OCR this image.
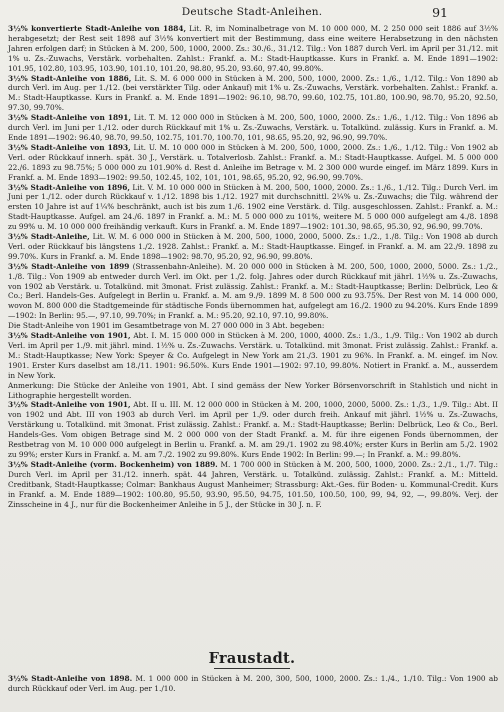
Deutsche Stadt-Anleihen.	91

3½% konvertierte Stadt-Anleihe von 1884, Lit. R, im Nominalbetrage von M. 10 000 000, M. 2 250 000 seit 1886 auf 3½% herabgesetzt; der Rest seit 1898 auf 3½% konvertiert mit der Bestimmung, dass eine weitere Herabsetzung in den nächsten Jahren erfolgen darf; in Stücken à M. 200, 500, 1000, 2000. Zs.: 30./6., 31./12. Tilg.: Von 1887 durch Verl. im April per 31./12. mit 1% u. Zs.-Zuwachs, Verstärk. vorbehalten. Zahlst.: Frankf. a. M.: Stadt-Hauptkasse. Kurs in Frankf. a. M. Ende 1891—1902: 101.95, 102.80, 103.95, 103.90, 101.10, 101.20, 98.80, 95.20, 93.60, 97.40, 99.80%.

3½% Stadt-Anleihe von 1886, Lit. S. M. 6 000 000 in Stücken à M. 200, 500, 1000, 2000. Zs.: 1./6., 1./12. Tilg.: Von 1890 ab durch Verl. im Aug. per 1./12. (bei verstärkter Tilg. oder Ankauf) mit 1% u. Zs.-Zuwachs, Verstärk. vorbehalten. Zahlst.: Frankf. a. M.: Stadt-Hauptkasse. Kurs in Frankf. a. M. Ende 1891—1902: 96.10, 98.70, 99.60, 102.75, 101.80, 100.90, 98.70, 95.20, 92.50, 97.30, 99.70%.

3½% Stadt-Anleihe von 1891, Lit. T. M. 12 000 000 in Stücken à M. 200, 500, 1000, 2000. Zs.: 1./6., 1./12. Tilg.: Von 1896 ab durch Verl. im Juni per 1./12. oder durch Rückkauf mit 1% u. Zs.-Zuwachs, Verstärk. u. Totalkünd. zulässig. Kurs in Frankf. a. M. Ende 1891—1902: 96.40, 98.70, 99.50, 102.75, 101.70, 100.70, 101, 98.65, 95.20, 92, 96.90, 99.70%.

3½% Stadt-Anleihe von 1893, Lit. U. M. 10 000 000 in Stücken à M. 200, 500, 1000, 2000. Zs.: 1./6., 1./12. Tilg.: Von 1902 ab Verl. oder Rückkauf innerh. spät. 30 J., Verstärk. u. Totalverlosb. Zahlst.: Frankf. a. M.: Stadt-Hauptkasse. Aufgel. M. 5 000 000 22./6. 1893 zu 98.75%; 5 000 000 zu 101.90% d. Rest d. Anleihe im Betrage v. M. 2 300 000 wurde eingef. im März 1899. Kurs in Frankf. a. M. Ende 1893—1902: 99.50, 102.45, 102, 101, 101, 98.65, 95.20, 92, 96.90, 99.70%.

3½% Stadt-Anleihe von 1896, Lit. V. M. 10 000 000 in Stücken à M. 200, 500, 1000, 2000. Zs.: 1./6., 1./12. Tilg.: Durch Verl. im Juni per 1./12. oder durch Rückkauf v. 1./12. 1898 bis 1./12. 1927 mit durchschnittl. 2¼% u. Zs.-Zuwachs; die Tilg. während der ersten 10 Jahre ist auf 1¼% beschränkt, auch ist bis zum 1./6. 1902 eine Verstärk. d. Tilg. ausgeschlossen. Zahlst.: Frankf. a. M.: Stadt-Hauptkasse. Aufgel. am 24./6. 1897 in Frankf. a. M.: M. 5 000 000 zu 101%, weitere M. 5 000 000 aufgelegt am 4./8. 1898 zu 99% u. M. 10 000 000 freihändig verkauft. Kurs in Frankf. a. M. Ende 1897—1902: 101.30, 98.65, 95.30, 92, 96.90, 99.70%.

3½% Stadt-Anleihe, Lit. W. M. 6 000 000 in Stücken à M. 200, 500, 1000, 2000, 5000. Zs.: 1./2., 1./8. Tilg.: Von 1908 ab durch Verl. oder Rückkauf bis längstens 1./2. 1928. Zahlst.: Frankf. a. M.: Stadt-Hauptkasse. Eingef. in Frankf. a. M. am 22./9. 1898 zu 99.70%. Kurs in Frankf. a. M. Ende 1898—1902: 98.70, 95.20, 92, 96.90, 99.80%.

3½% Stadt-Anleihe von 1899 (Strassenbahn-Anleihe). M. 20 000 000 in Stücken à M. 200, 500, 1000, 2000, 5000. Zs.: 1./2., 1./8. Tilg.: Von 1909 ab entweder durch Verl. im Okt. per 1./2. folg. Jahres oder durch Rückkauf mit jährl. 1½% u. Zs.-Zuwachs, von 1902 ab Verstärk. u. Totalkünd. mit 3monat. Frist zulässig. Zahlst.: Frankf. a. M.: Stadt-Hauptkasse; Berlin: Delbrück, Leo & Co.; Berl. Handels-Ges. Aufgelegt in Berlin u. Frankf. a. M. am 9./9. 1899 M. 8 500 000 zu 93.75%. Der Rest von M. 14 000 000, wovon M. 800 000 die Stadtgemeinde für städtische Fonds übernommen hat, aufgelegt am 16./2. 1900 zu 94.20%. Kurs Ende 1899—1902: In Berlin: 95.—, 97.10, 99.70%; in Frankf. a. M.: 95.20, 92.10, 97.10, 99.80%.

Die Stadt-Anleihe von 1901 im Gesamtbetrage von M. 27 000 000 in 3 Abt. begeben:

3½% Stadt-Anleihe von 1901, Abt. I. M. 15 000 000 in Stücken à M. 200, 1000, 4000. Zs.: 1./3., 1./9. Tilg.: Von 1902 ab durch Verl. im April per 1./9. mit jährl. mind. 1½% u. Zs.-Zuwachs. Verstärk. u. Totalkünd. mit 3monat. Frist zulässig. Zahlst.: Frankf. a. M.: Stadt-Hauptkasse; New York: Speyer & Co. Aufgelegt in New York am 21./3. 1901 zu 96%. In Frankf. a. M. eingef. im Nov. 1901. Erster Kurs daselbst am 18./11. 1901: 96.50%. Kurs Ende 1901—1902: 97.10, 99.80%. Notiert in Frankf. a. M., ausserdem in New York.

Anmerkung: Die Stücke der Anleihe von 1901, Abt. I sind gemäss der New Yorker Börsenvorschrift in Stahlstich und nicht in Lithographie hergestellt worden.

3½% Stadt-Anleihe von 1901, Abt. II u. III. M. 12 000 000 in Stücken à M. 200, 1000, 2000, 5000. Zs.: 1./3., 1./9. Tilg.: Abt. II von 1902 und Abt. III von 1903 ab durch Verl. im April per 1./9. oder durch freih. Ankauf mit jährl. 1½% u. Zs.-Zuwachs, Verstärkung u. Totalkünd. mit 3monat. Frist zulässig. Zahlst.: Frankf. a. M.: Stadt-Hauptkasse; Berlin: Delbrück, Leo & Co., Berl. Handels-Ges. Vom obigen Betrage sind M. 2 000 000 von der Stadt Frankf. a. M. für ihre eigenen Fonds übernommen, der Restbetrag von M. 10 000 000 aufgelegt in Berlin u. Frankf. a. M. am 29./1. 1902 zu 98.40%; erster Kurs in Berlin am 5./2. 1902 zu 99%; erster Kurs in Frankf. a. M. am 7./2. 1902 zu 99.80%. Kurs Ende 1902: In Berlin: 99.—; In Frankf. a. M.: 99.80%.

3½% Stadt-Anleihe (vorm. Bockenheim) von 1889. M. 1 700 000 in Stücken à M. 200, 500, 1000, 2000. Zs.: 2./1., 1./7. Tilg.: Durch Verl. im April per 31./12. innerh. spät. 44 Jahren, Verstärk. u. Totalkünd. zulässig. Zahlst.: Frankf. a. M.: Mitteld. Creditbank, Stadt-Hauptkasse; Colmar: Bankhaus August Manheimer; Strassburg: Akt.-Ges. für Boden- u. Kommunal-Credit. Kurs in Frankf. a. M. Ende 1889—1902: 100.80, 95.50, 93.90, 95.50, 94.75, 101.50, 100.50, 100, 99, 94, 92, —, 99.80%. Verj. der Zinsscheine in 4 J., nur für die Bockenheimer Anleihe in 5 J., der Stücke in 30 J. n. F.

Fraustadt.

3½% Stadt-Anleihe von 1898. M. 1 000 000 in Stücken à M. 200, 300, 500, 1000, 2000. Zs.: 1./4., 1./10. Tilg.: Von 1900 ab durch Rückkauf oder Verl. im Aug. per 1./10.
